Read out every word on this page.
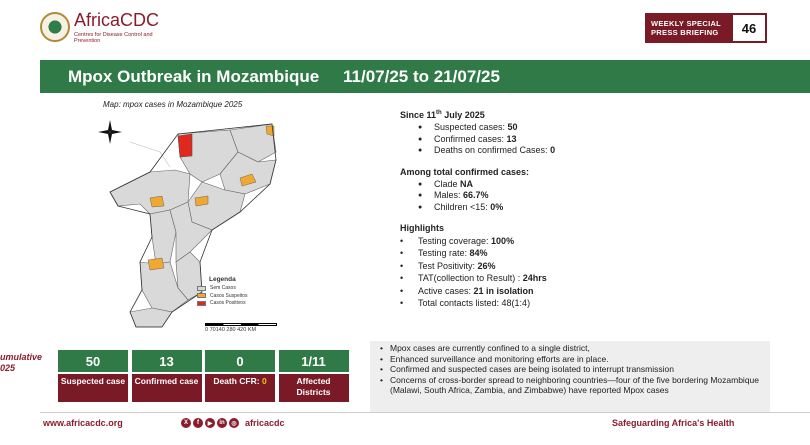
AfricaCDC
Centres for Disease Control and Prevention
WEEKLY SPECIAL PRESS BRIEFING	46
Mpox Outbreak in Mozambique 11/07/25 to 21/07/25
Map: mpox cases in Mozambique 2025
Legenda
Sem Casos
Casos Suspeitos
Casos Positivos
0 70140 280 420 KM
Since 11th July 2025
● Suspected cases: 50
● Confirmed cases: 13
● Deaths on confirmed Cases: 0
Among total confirmed cases:
● Clade NA
● Males: 66.7%
● Children <15: 0%
Highlights
• Testing coverage: 100%
• Testing rate: 84%
• Test Positivity: 26%
• TAT(collection to Result) : 24hrs
• Active cases: 21 in isolation
• Total contacts listed: 48(1:4)
• Mpox cases are currently confined to a single district,
• Enhanced surveillance and monitoring efforts are in place.
• Confirmed and suspected cases are being isolated to interrupt transmission
• Concerns of cross-border spread to neighboring countries—four of the five bordering Mozambique (Malawi, South Africa, Zambia, and Zimbabwe) have reported Mpox cases
umulative 025	50
Suspected case
13
Confirmed case
0
Death CFR: 0
1/11
Affected Districts
www.africacdc.org	X	f	▶	in	◎ africacdc	Safeguarding Africa's Health
